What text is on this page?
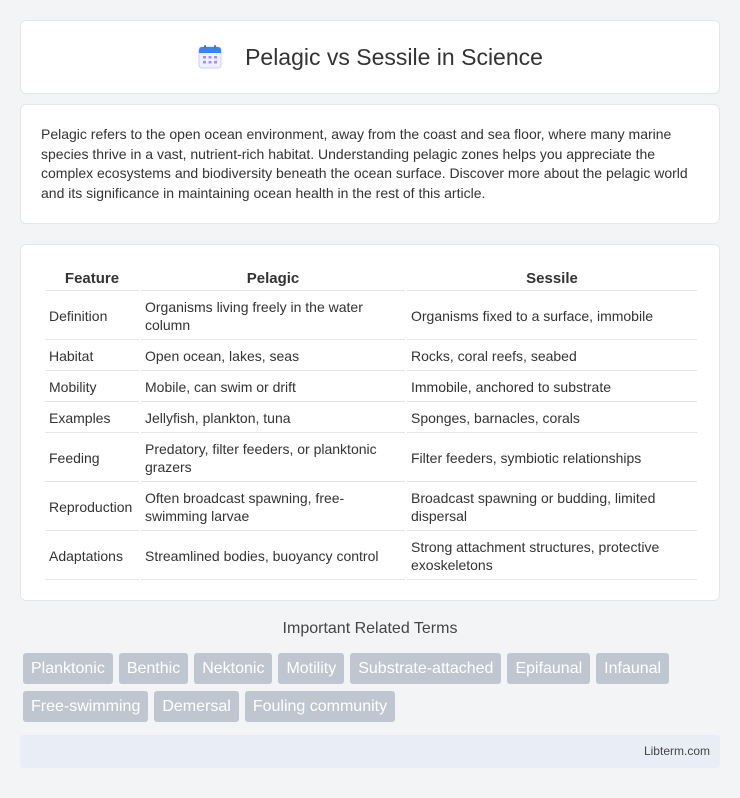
Pelagic vs Sessile in Science

Pelagic refers to the open ocean environment, away from the coast and sea floor, where many marine species thrive in a vast, nutrient-rich habitat. Understanding pelagic zones helps you appreciate the complex ecosystems and biodiversity beneath the ocean surface. Discover more about the pelagic world and its significance in maintaining ocean health in the rest of this article.

Feature	Pelagic	Sessile
Definition	Organisms living freely in the water column	Organisms fixed to a surface, immobile
Habitat	Open ocean, lakes, seas	Rocks, coral reefs, seabed
Mobility	Mobile, can swim or drift	Immobile, anchored to substrate
Examples	Jellyfish, plankton, tuna	Sponges, barnacles, corals
Feeding	Predatory, filter feeders, or planktonic grazers	Filter feeders, symbiotic relationships
Reproduction	Often broadcast spawning, free-swimming larvae	Broadcast spawning or budding, limited dispersal
Adaptations	Streamlined bodies, buoyancy control	Strong attachment structures, protective exoskeletons
Important Related Terms
Planktonic	Benthic	Nektonic	Motility	Substrate-attached	Epifaunal	Infaunal
Free-swimming	Demersal	Fouling community
Libterm.com
